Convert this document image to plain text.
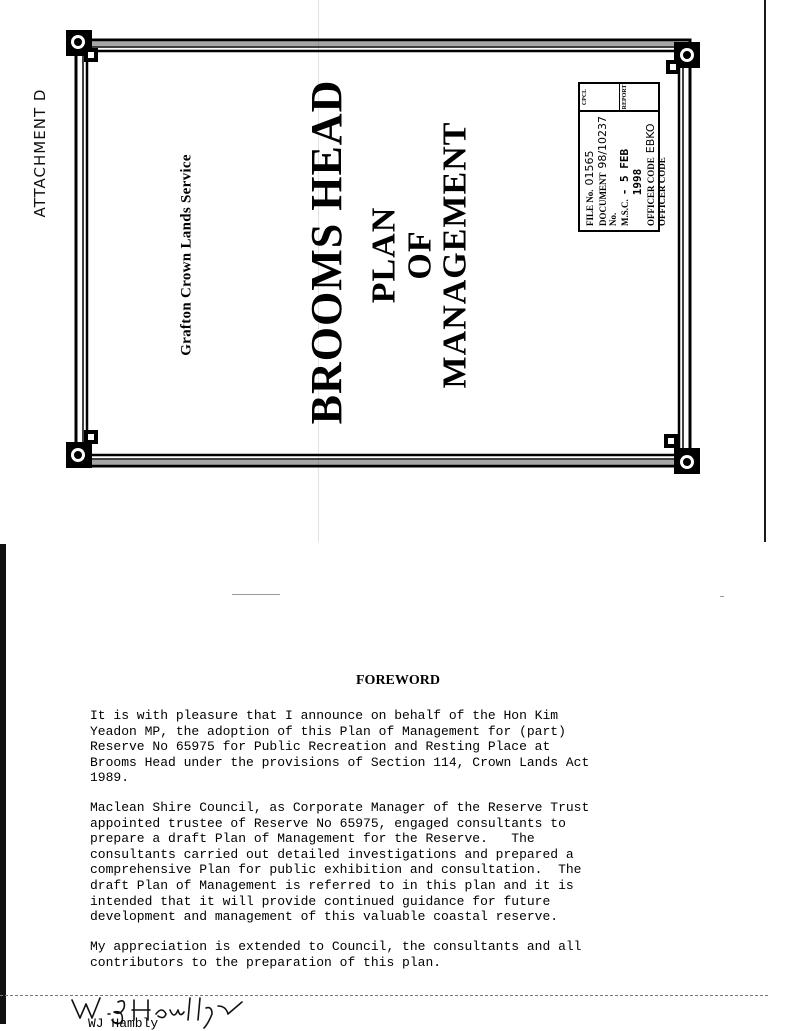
ATTACHMENT D
Grafton Crown Lands Service BROOMS HEAD PLAN
OF
MANAGEMENT	FILE No.
01565
DOCUMENT No.
98/10237
M.S.C.
- 5 FEB 1998 OFFICER CODE
EBKO
OFFICER CODE
CPCL	REPORT
FOREWORD

It is with pleasure that I announce on behalf of the Hon Kim
Yeadon MP, the adoption of this Plan of Management for (part)
Reserve No 65975 for Public Recreation and Resting Place at
Brooms Head under the provisions of Section 114, Crown Lands Act
1989.

Maclean Shire Council, as Corporate Manager of the Reserve Trust
appointed trustee of Reserve No 65975, engaged consultants to
prepare a draft Plan of Management for the Reserve.   The
consultants carried out detailed investigations and prepared a
comprehensive Plan for public exhibition and consultation.  The
draft Plan of Management is referred to in this plan and it is
intended that it will provide continued guidance for future
development and management of this valuable coastal reserve.

My appreciation is extended to Council, the consultants and all
contributors to the preparation of this plan.

WJ Hambly
